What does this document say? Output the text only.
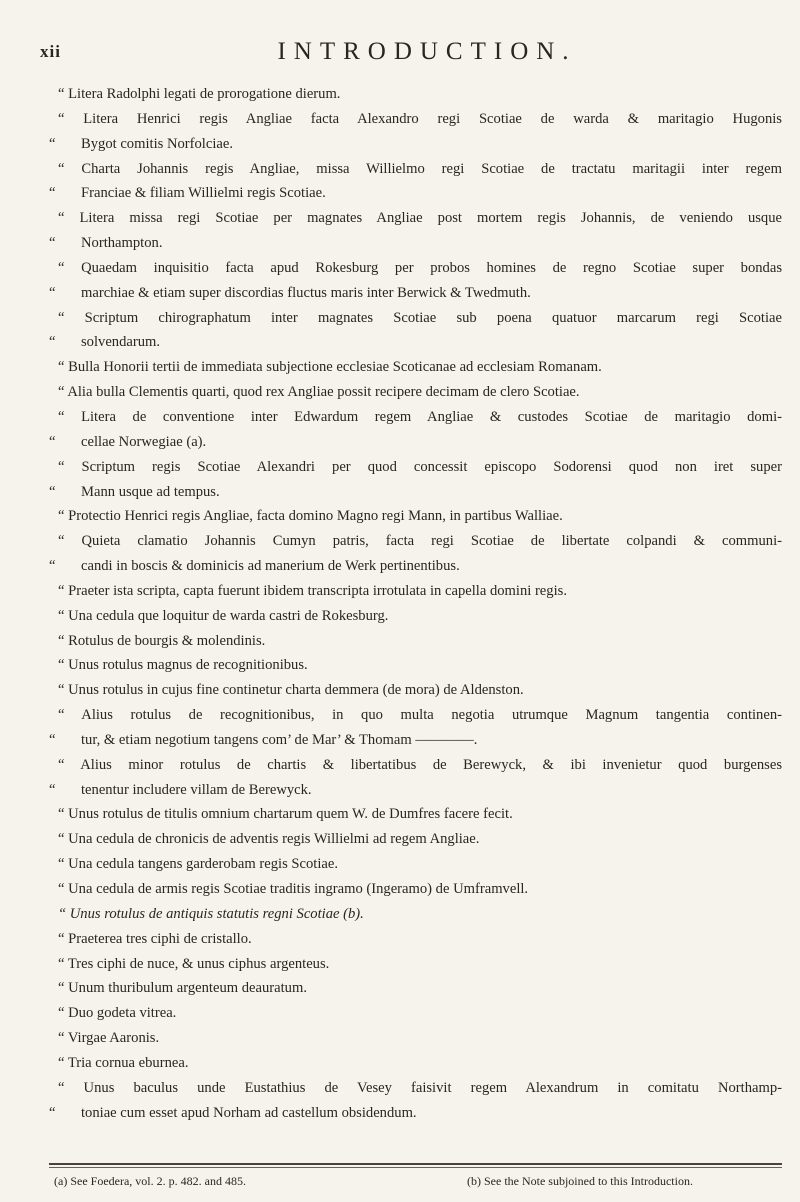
xii	INTRODUCTION.
“ Litera Radolphi legati de prorogatione dierum.
“ Litera Henrici regis Angliae facta Alexandro regi Scotiae de warda & maritagio Hugonis
“ Bygot comitis Norfolciae.
“ Charta Johannis regis Angliae, missa Willielmo regi Scotiae de tractatu maritagii inter regem
“ Franciae & filiam Willielmi regis Scotiae.
“ Litera missa regi Scotiae per magnates Angliae post mortem regis Johannis, de veniendo usque
“ Northampton.
“ Quaedam inquisitio facta apud Rokesburg per probos homines de regno Scotiae super bondas
“ marchiae & etiam super discordias fluctus maris inter Berwick & Twedmuth.
“ Scriptum chirographatum inter magnates Scotiae sub poena quatuor marcarum regi Scotiae
“ solvendarum.
“ Bulla Honorii tertii de immediata subjectione ecclesiae Scoticanae ad ecclesiam Romanam.
“ Alia bulla Clementis quarti, quod rex Angliae possit recipere decimam de clero Scotiae.
“ Litera de conventione inter Edwardum regem Angliae & custodes Scotiae de maritagio domi-
“ cellae Norwegiae (a).
“ Scriptum regis Scotiae Alexandri per quod concessit episcopo Sodorensi quod non iret super
“ Mann usque ad tempus.
“ Protectio Henrici regis Angliae, facta domino Magno regi Mann, in partibus Walliae.
“ Quieta clamatio Johannis Cumyn patris, facta regi Scotiae de libertate colpandi & communi-
“ candi in boscis & dominicis ad manerium de Werk pertinentibus.
“ Praeter ista scripta, capta fuerunt ibidem transcripta irrotulata in capella domini regis.
“ Una cedula que loquitur de warda castri de Rokesburg.
“ Rotulus de bourgis & molendinis.
“ Unus rotulus magnus de recognitionibus.
“ Unus rotulus in cujus fine continetur charta demmera (de mora) de Aldenston.
“ Alius rotulus de recognitionibus, in quo multa negotia utrumque Magnum tangentia continen-
“ tur, & etiam negotium tangens com’ de Mar’ & Thomam ————.
“ Alius minor rotulus de chartis & libertatibus de Berewyck, & ibi invenietur quod burgenses
“ tenentur includere villam de Berewyck.
“ Unus rotulus de titulis omnium chartarum quem W. de Dumfres facere fecit.
“ Una cedula de chronicis de adventis regis Willielmi ad regem Angliae.
“ Una cedula tangens garderobam regis Scotiae.
“ Una cedula de armis regis Scotiae traditis ingramo (Ingeramo) de Umframvell.
“ Unus rotulus de antiquis statutis regni Scotiae (b).
“ Praeterea tres ciphi de cristallo.
“ Tres ciphi de nuce, & unus ciphus argenteus.
“ Unum thuribulum argenteum deauratum.
“ Duo godeta vitrea.
“ Virgae Aaronis.
“ Tria cornua eburnea.
“ Unus baculus unde Eustathius de Vesey faisivit regem Alexandrum in comitatu Northamp-
“ toniae cum esset apud Norham ad castellum obsidendum.
(a) See Foedera, vol. 2. p. 482. and 485.	(b) See the Note subjoined to this Introduction.
